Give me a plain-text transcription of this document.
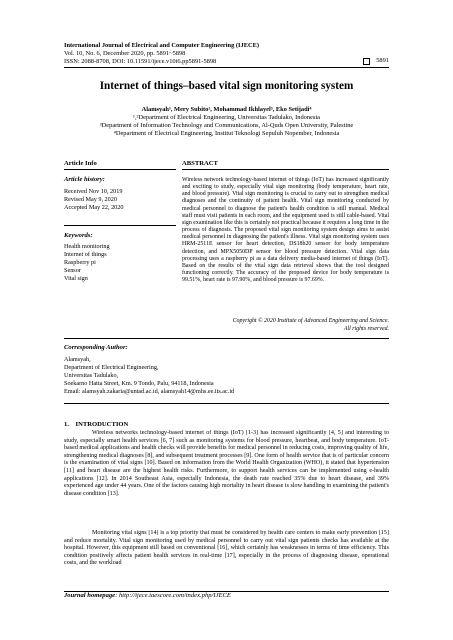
International Journal of Electrical and Computer Engineering (IJECE)
Vol. 10, No. 6, December 2020, pp. 5891~5898
ISSN: 2088-8708, DOI: 10.11591/ijece.v10i6.pp5891-5898	5891
Internet of things–based vital sign monitoring system
Alamsyah¹, Mery Subito², Mohammad Ikhlayel³, Eko Setijadi⁴
¹,²Department of Electrical Engineering, Universitas Tadulako, Indonesia
³Department of Information Technology and Communications, Al-Quds Open University, Palestine
⁴Department of Electrical Engineering, Institut Teknologi Sepuluh Nopember, Indonesia
Article Info	ABSTRACT
Article history:
Received Nov 10, 2019
Revised May 9, 2020
Accepted May 22, 2020
Keywords:
Health monitoring
Internet of things
Raspberry pi
Sensor
Vital sign
Wireless network technology-based internet of things (IoT) has increased significantly and exciting to study, especially vital sign monitoring (body temperature, heart rate, and blood pressure). Vital sign monitoring is crucial to carry out to strengthen medical diagnoses and the continuity of patient health. Vital sign monitoring conducted by medical personnel to diagnose the patient's health condition is still manual. Medical staff must visit patients in each room, and the equipment used is still cable-based. Vital sign examination like this is certainly not practical because it requires a long time in the process of diagnosis. The proposed vital sign monitoring system design aims to assist medical personnel in diagnosing the patient's illness. Vital sign monitoring system uses HRM-2511E sensor for heart detection, DS18b20 sensor for body temperature detection, and MPX5050DP sensor for blood pressure detection. Vital sign data processing uses a raspberry pi as a data delivery media-based internet of things (IoT). Based on the results of the vital sign data retrieval shows that the tool designed functioning correctly. The accuracy of the proposed device for body temperature is 99.51%, heart rate is 97.90%, and blood pressure is 97.69%.
Copyright © 2020 Institute of Advanced Engineering and Science.
All rights reserved.
Corresponding Author:
Alamsyah,
Department of Electrical Engineering,
Universitas Tadulako,
Soekarno Hatta Street, Km. 9 Tondo, Palu, 94118, Indonesia
Email: alamsyah.zakaria@untad.ac.id, alamsyah14@mhs.ee.its.ac.id
1.    INTRODUCTION
Wireless networks technology-based internet of things (IoT) [1-3] has increased significantly [4, 5] and interesting to study, especially smart health services [6, 7] such as monitoring systems for blood pressure, heartbeat, and body temperature. IoT-based medical applications and health checks will provide benefits for medical personnel in reducing costs, improving quality of life, strengthening medical diagnoses [8], and subsequent treatment processes [9]. One form of health service that is of particular concern is the examination of vital signs [10]. Based on information from the World Health Organization (WHO), it stated that hypertension [11] and heart disease are the highest health risks. Furthermore, to support health services can be implemented using e-health applications [12]. In 2014 Southeast Asia, especially Indonesia, the death rate reached 35% due to heart disease, and 39% experienced age under 44 years. One of the factors causing high mortality in heart disease is slow handling in examining the patient's disease condition [13].
Monitoring vital signs [14] is a top priority that must be considered by health care centers to make early prevention [15] and reduce mortality. Vital sign monitoring used by medical personnel to carry out vital sign patients checks has available at the hospital. However, this equipment still based on conventional [16], which certainly has weaknesses in terms of time efficiency. This condition positively affects patient health services in real-time [17], especially in the process of diagnosing disease, operational costs, and the workload
Journal homepage: http://ijece.iaescore.com/index.php/IJECE
